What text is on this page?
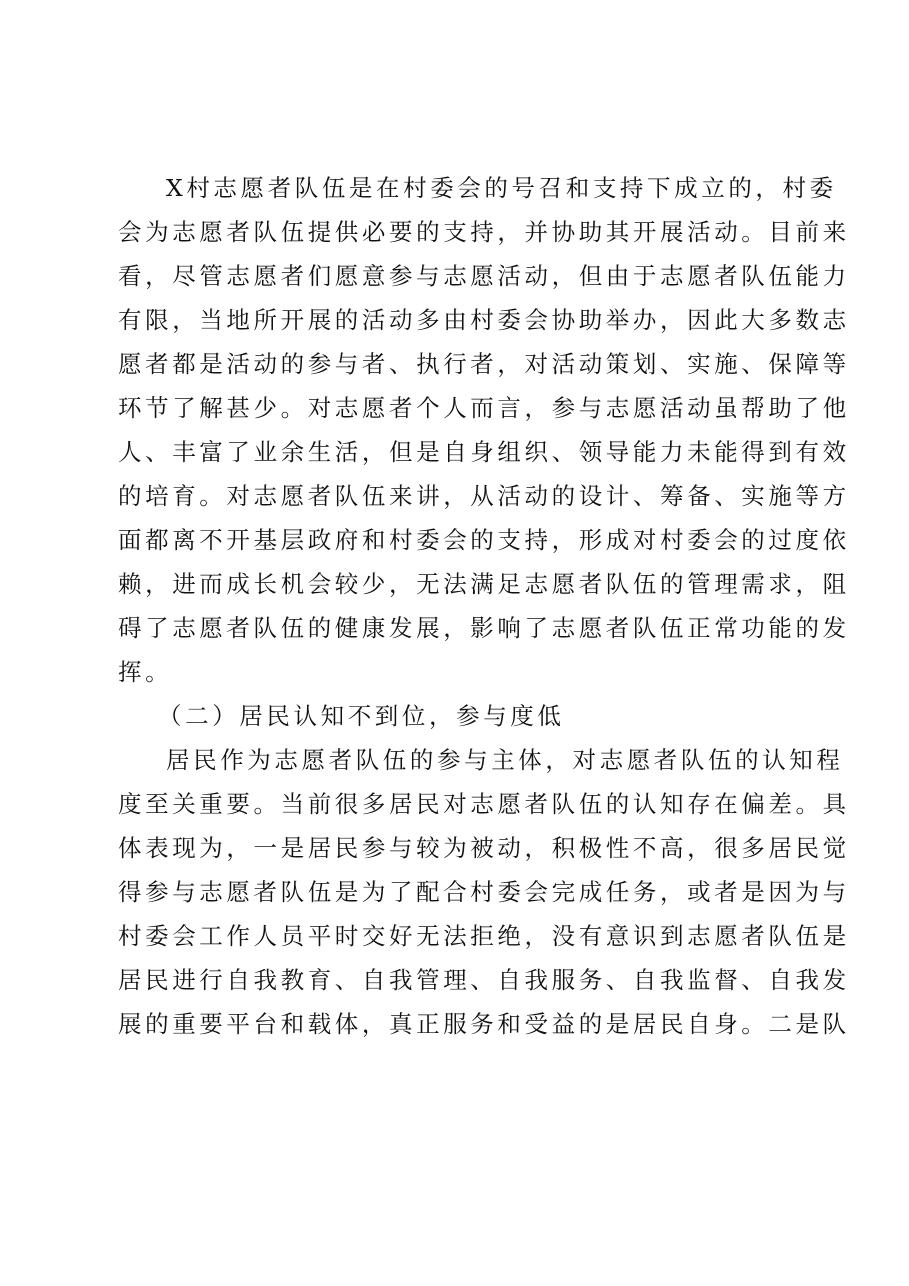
X村志愿者队伍是在村委会的号召和支持下成立的，村委
会为志愿者队伍提供必要的支持，并协助其开展活动。目前来
看，尽管志愿者们愿意参与志愿活动，但由于志愿者队伍能力
有限，当地所开展的活动多由村委会协助举办，因此大多数志
愿者都是活动的参与者、执行者，对活动策划、实施、保障等
环节了解甚少。对志愿者个人而言，参与志愿活动虽帮助了他
人、丰富了业余生活，但是自身组织、领导能力未能得到有效
的培育。对志愿者队伍来讲，从活动的设计、筹备、实施等方
面都离不开基层政府和村委会的支持，形成对村委会的过度依
赖，进而成长机会较少，无法满足志愿者队伍的管理需求，阻
碍了志愿者队伍的健康发展，影响了志愿者队伍正常功能的发
挥。
（二）居民认知不到位，参与度低
居民作为志愿者队伍的参与主体，对志愿者队伍的认知程
度至关重要。当前很多居民对志愿者队伍的认知存在偏差。具
体表现为，一是居民参与较为被动，积极性不高，很多居民觉
得参与志愿者队伍是为了配合村委会完成任务，或者是因为与
村委会工作人员平时交好无法拒绝，没有意识到志愿者队伍是
居民进行自我教育、自我管理、自我服务、自我监督、自我发
展的重要平台和载体，真正服务和受益的是居民自身。二是队
